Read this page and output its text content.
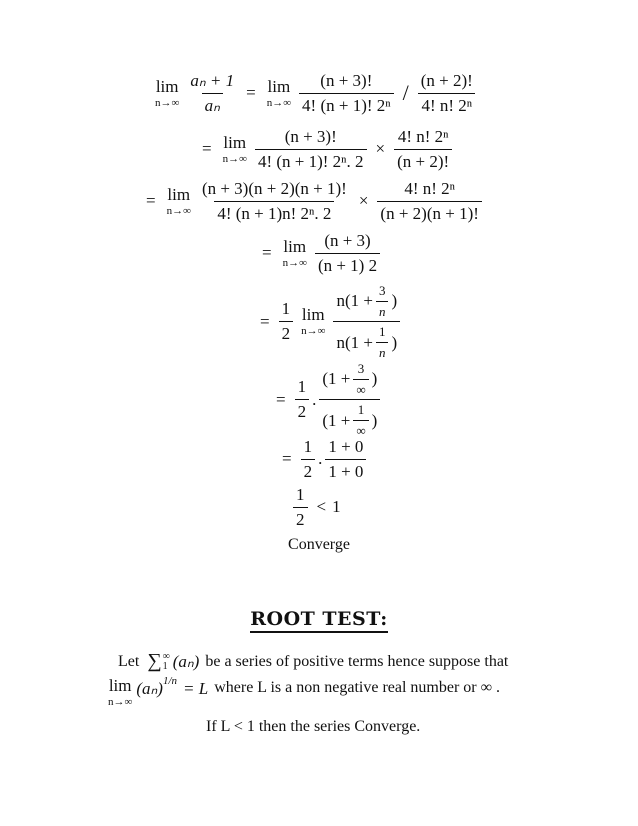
lim
$n\to\infty \frac{\text{aₙ + 1}}{\text{aₙ}} = \lim$
$n\to\infty \frac{(n + 3)!}{\text{4! (n + 1)! 2ⁿ}} / \frac{(n + 2)!}{\text{4! n! 2ⁿ}}$
= lim
$n\to\infty \frac{(n + 3)!}{\text{4! (n + 1)! 2ⁿ. 2}} \times \frac{\text{4! n! 2ⁿ}}{(n + 2)!}$
= lim
$n\to\infty \frac{(n + 3)(n + 2)(n + 1)!}{\text{4! (n + 1)n! 2ⁿ. 2}} \times \frac{\text{4! n! 2ⁿ}}{(n + 2)(n + 1)!}$
= lim
$n\to\infty \frac{(n + 3)}{(n + 1) 2}$
= $\frac{1}{2}$ lim
$n\to\infty \frac{n(1 + \frac{3}{n} )}{n(1 + \frac{1}{n} )}$
= $\frac{1}{2}$ . $\frac{(1 + \frac{3}{\infty} )}{(1 + \frac{1}{\infty} )}$
= $\frac{1}{2}$ . $\frac{1 + 0}{1 + 0}$
$\frac{1}{2} < 1$
Converge
ROOT TEST:
Let ∑ ∞
1 (aₙ) be a series of positive terms hence suppose that
lim
n→∞
(aₙ) 1/n = L where L is a non negative real number or ∞ .
If L < 1 then the series Converge.
